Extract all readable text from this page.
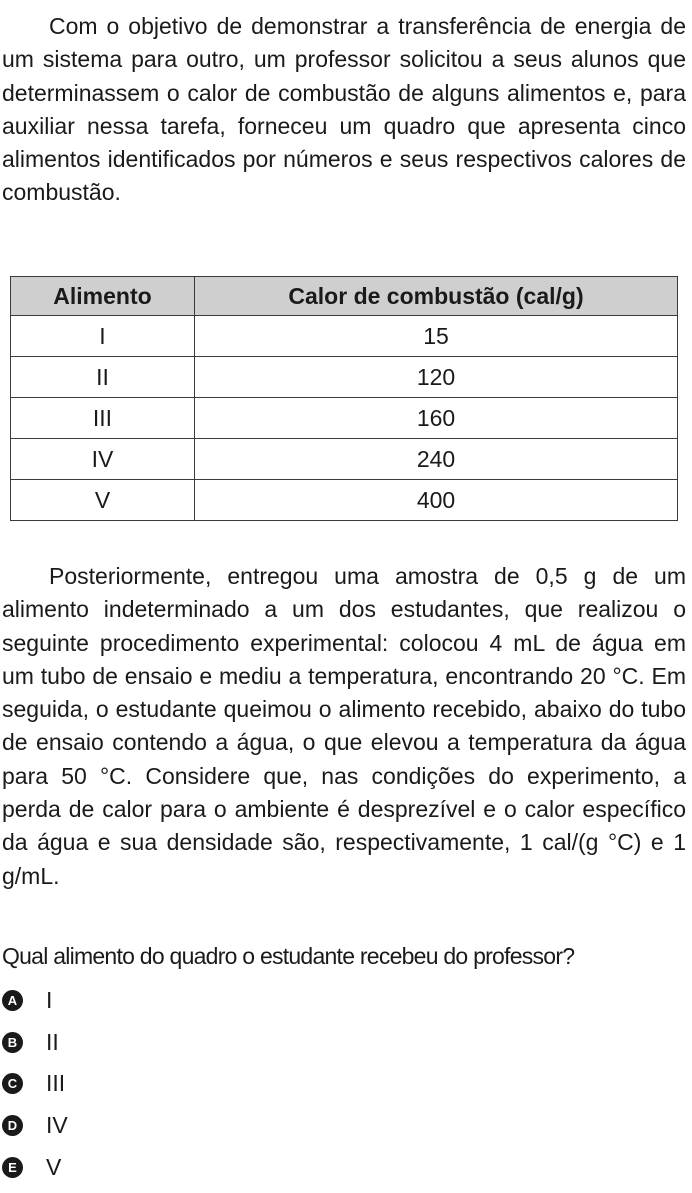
Com o objetivo de demonstrar a transferência de energia de um sistema para outro, um professor solicitou a seus alunos que determinassem o calor de combustão de alguns alimentos e, para auxiliar nessa tarefa, forneceu um quadro que apresenta cinco alimentos identificados por números e seus respectivos calores de combustão.

Alimento	Calor de combustão (cal/g)
I	15
II	120
III	160
IV	240
V	400

Posteriormente, entregou uma amostra de 0,5 g de um alimento indeterminado a um dos estudantes, que realizou o seguinte procedimento experimental: colocou 4 mL de água em um tubo de ensaio e mediu a temperatura, encontrando 20 °C. Em seguida, o estudante queimou o alimento recebido, abaixo do tubo de ensaio contendo a água, o que elevou a temperatura da água para 50 °C. Considere que, nas condições do experimento, a perda de calor para o ambiente é desprezível e o calor específico da água e sua densidade são, respectivamente, 1 cal/(g °C) e 1 g/mL.

Qual alimento do quadro o estudante recebeu do professor?

A I
B II
C III
D IV
E V
